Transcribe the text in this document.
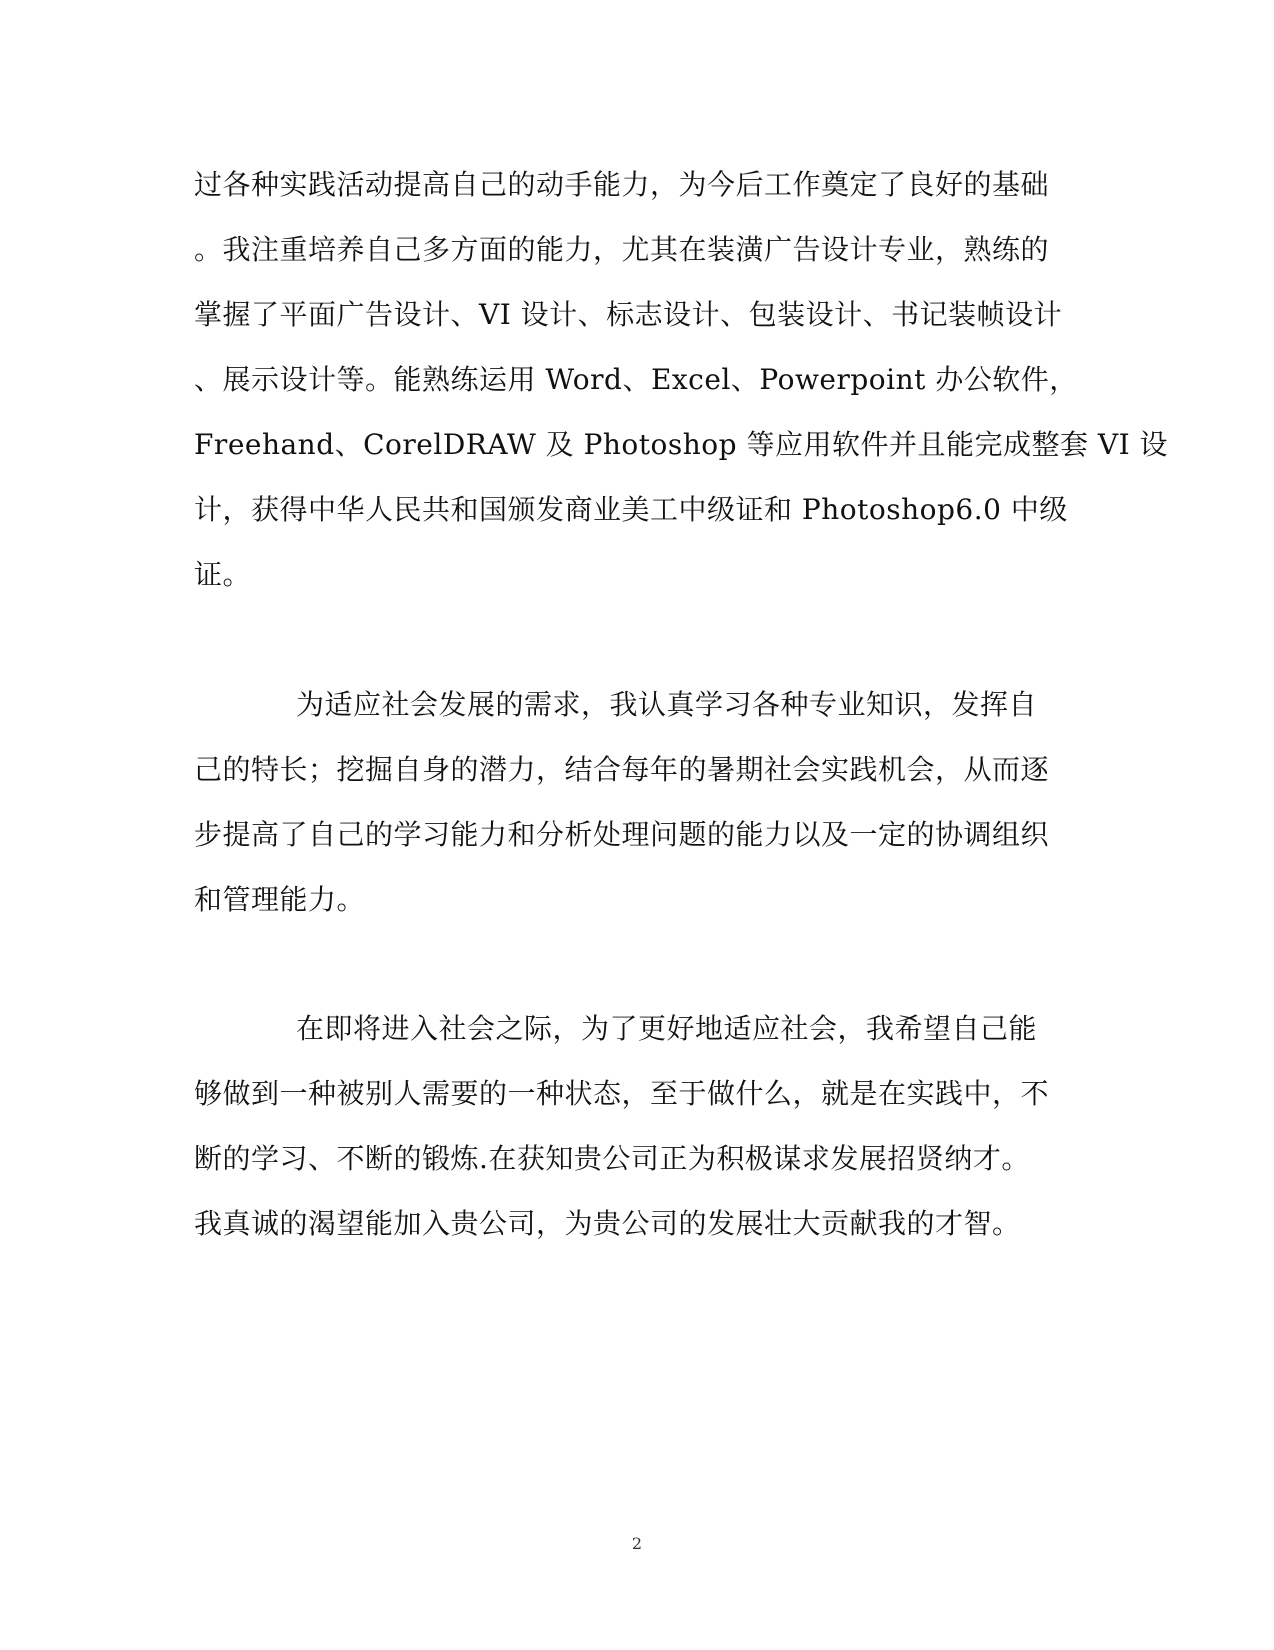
过各种实践活动提高自己的动手能力，为今后工作奠定了良好的基础
。我注重培养自己多方面的能力，尤其在装潢广告设计专业，熟练的
掌握了平面广告设计、VI 设计、标志设计、包装设计、书记装帧设计
、展示设计等。能熟练运用 Word、Excel、Powerpoint 办公软件，
Freehand、CorelDRAW 及 Photoshop 等应用软件并且能完成整套 VI 设
计，获得中华人民共和国颁发商业美工中级证和 Photoshop6.0 中级
证。
为适应社会发展的需求，我认真学习各种专业知识，发挥自
己的特长；挖掘自身的潜力，结合每年的暑期社会实践机会，从而逐
步提高了自己的学习能力和分析处理问题的能力以及一定的协调组织
和管理能力。
在即将进入社会之际，为了更好地适应社会，我希望自己能
够做到一种被别人需要的一种状态，至于做什么，就是在实践中，不
断的学习、不断的锻炼.在获知贵公司正为积极谋求发展招贤纳才。
我真诚的渴望能加入贵公司，为贵公司的发展壮大贡献我的才智。
2
